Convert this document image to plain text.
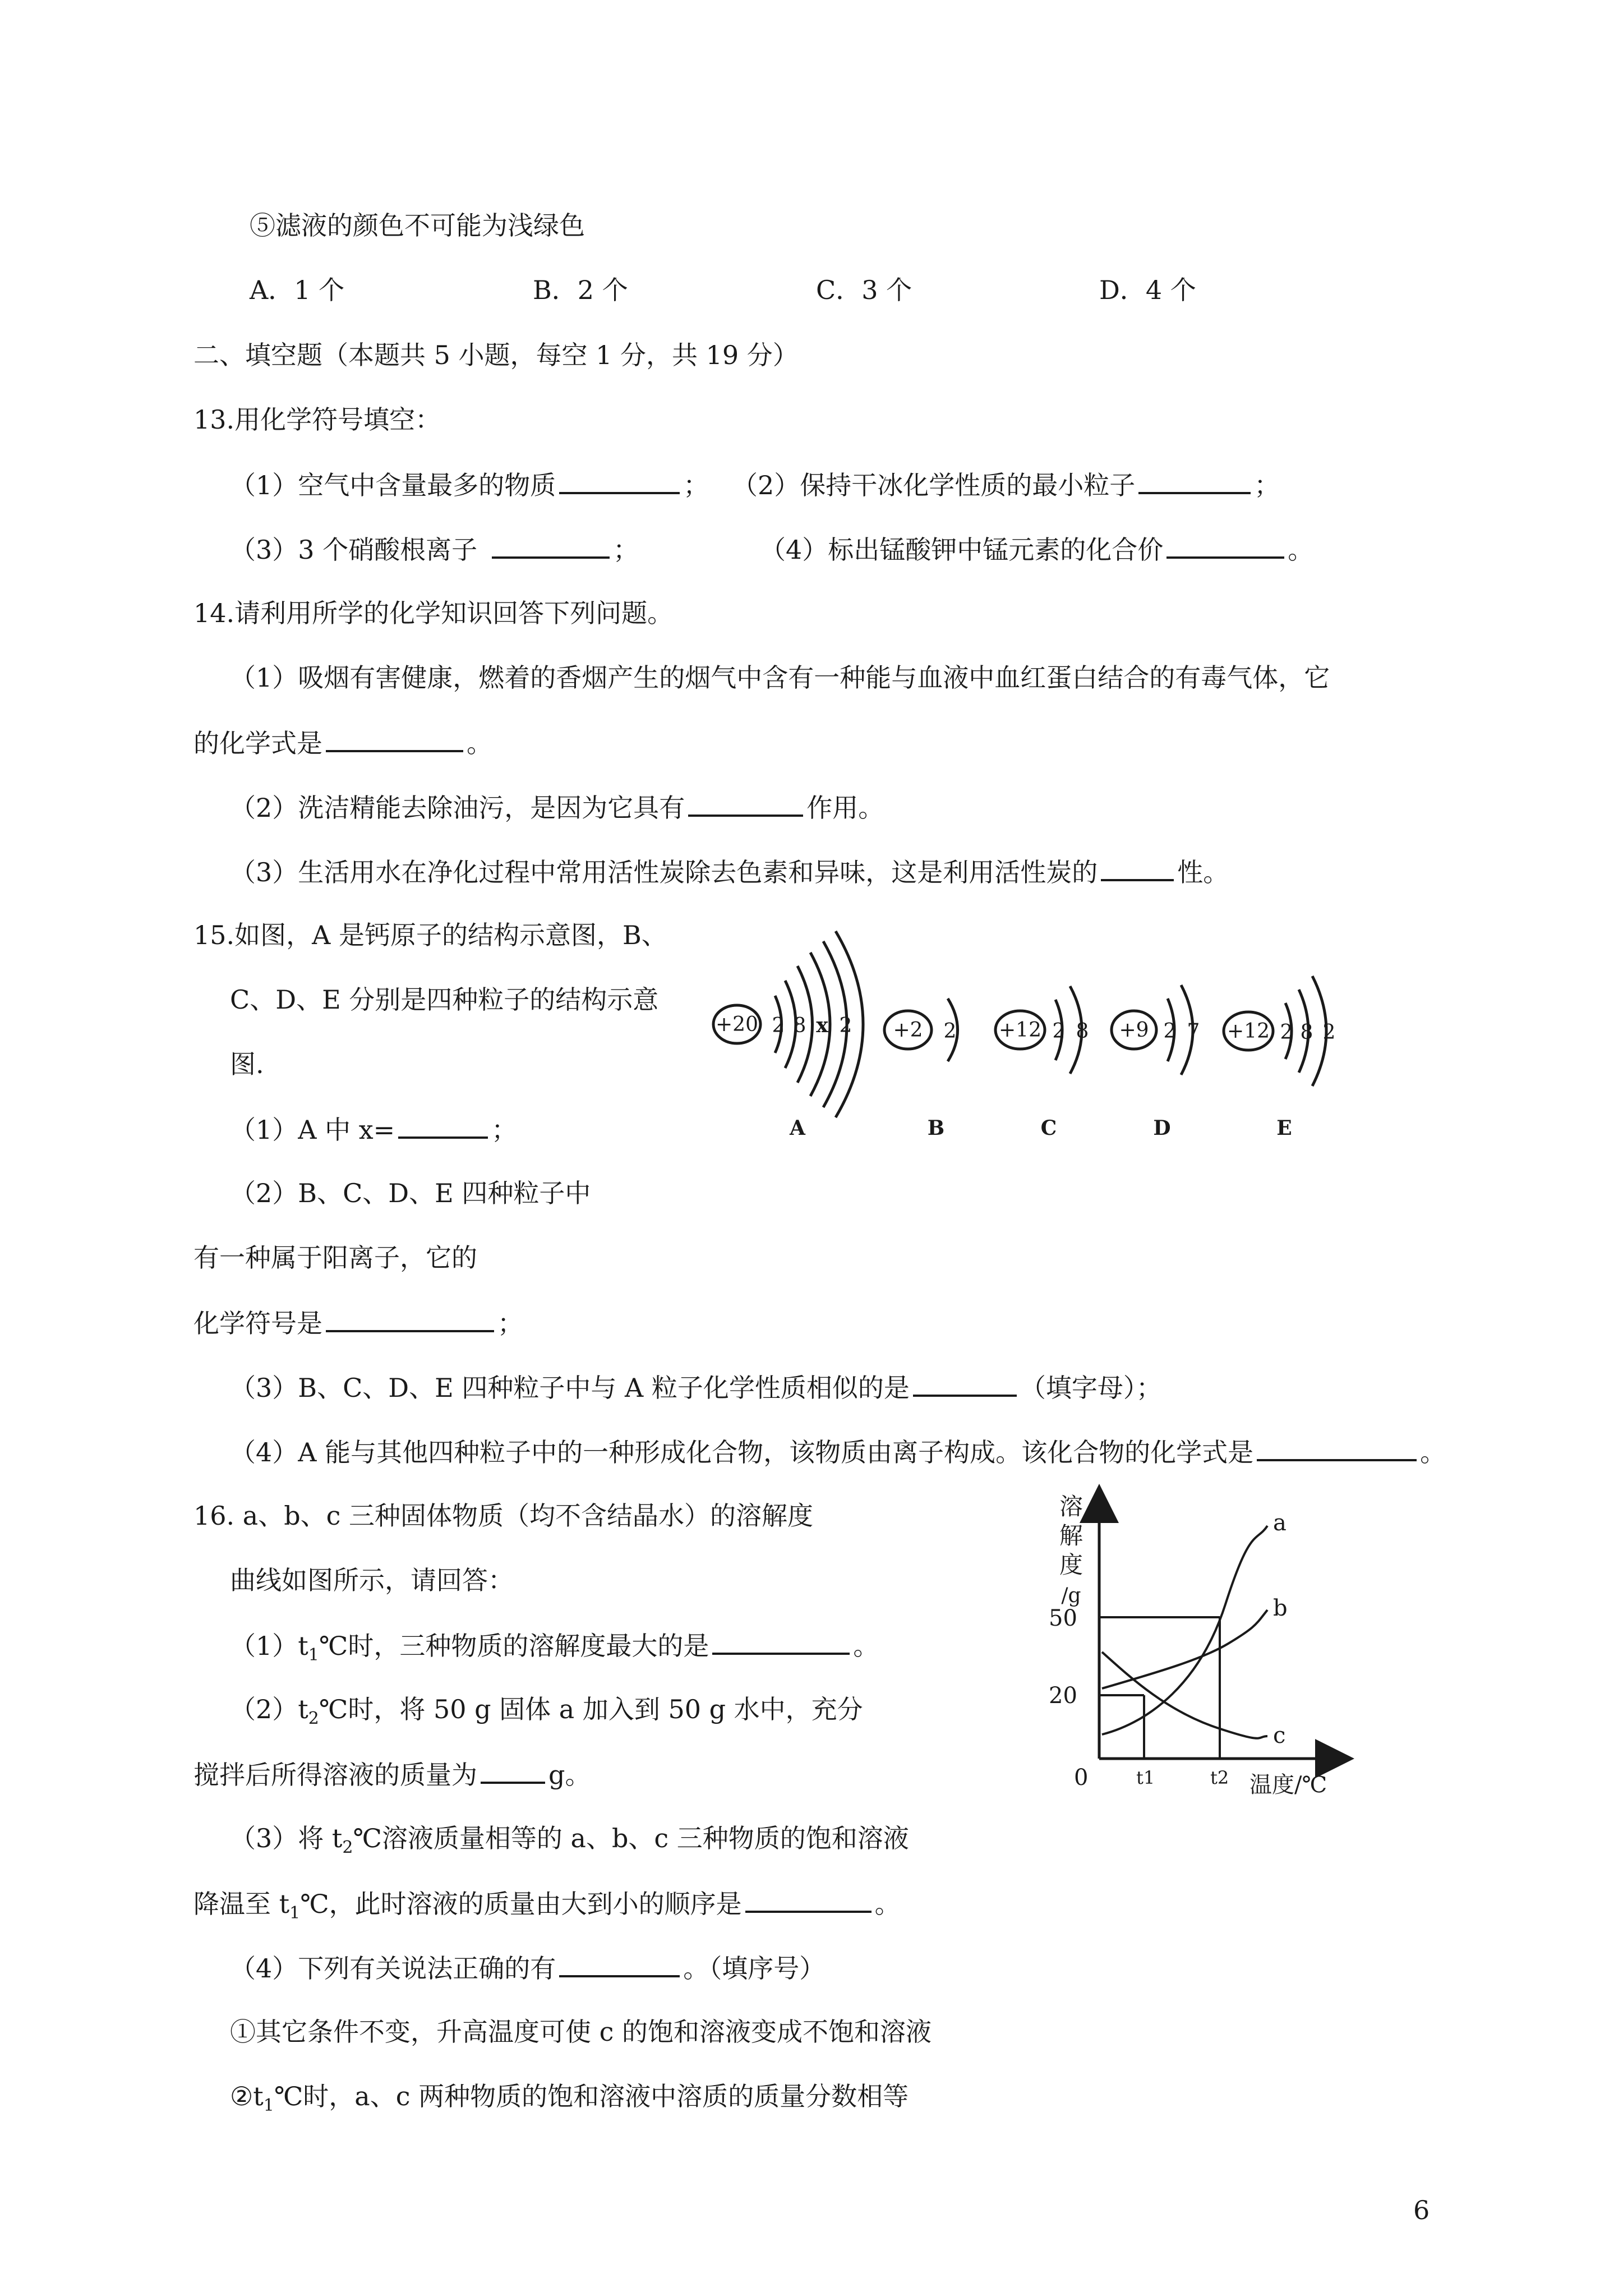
⑤滤液的颜色不可能为浅绿色
A．1 个	B．2 个	C．3 个	D．4 个
二、填空题（本题共 5 小题，每空 1 分，共 19 分）
13.用化学符号填空：
（1）空气中含量最多的物质	； （2）保持干冰化学性质的最小粒子	；
（3）3 个硝酸根离子	；	（4）标出锰酸钾中锰元素的化合价	。
14.请利用所学的化学知识回答下列问题。
（1）吸烟有害健康，燃着的香烟产生的烟气中含有一种能与血液中血红蛋白结合的有毒气体，它
的化学式是	。
（2）洗洁精能去除油污，是因为它具有	作用。
（3）生活用水在净化过程中常用活性炭除去色素和异味，这是利用活性炭的	性。
15.如图，A 是钙原子的结构示意图，B、
C、D、E 分别是四种粒子的结构示意
图.
（1）A 中 x=	；
（2）B、C、D、E 四种粒子中
有一种属于阳离子，它的
化学符号是	；
（3）B、C、D、E 四种粒子中与 A 粒子化学性质相似的是	（填字母）；
（4）A 能与其他四种粒子中的一种形成化合物，该物质由离子构成。该化合物的化学式是	。
+20 2 8 x 2 +2 2 +12 2 8 +9 2 7 +12 2 8 2
A	B	C	D	E
16. a、b、c 三种固体物质（均不含结晶水）的溶解度
曲线如图所示，请回答：
$(1)t_1℃$时，三种物质的溶解度最大的是	。
$(2)t_2℃$时，将 50 g 固体 a 加入到 50 g 水中，充分
搅拌后所得溶液的质量为	g。
（3）将 $t_2℃$溶液质量相等的 a、b、c 三种物质的饱和溶液
降温至 $t_1℃$，此时溶液的质量由大到小的顺序是	。
（4）下列有关说法正确的有	。（填序号）
①其它条件不变，升高温度可使 c 的饱和溶液变成不饱和溶液
$②t_1℃$时，a、c 两种物质的饱和溶液中溶质的质量分数相等
溶解度/g
a
b
c
50
20
0	t1	t2 温度/℃
6
